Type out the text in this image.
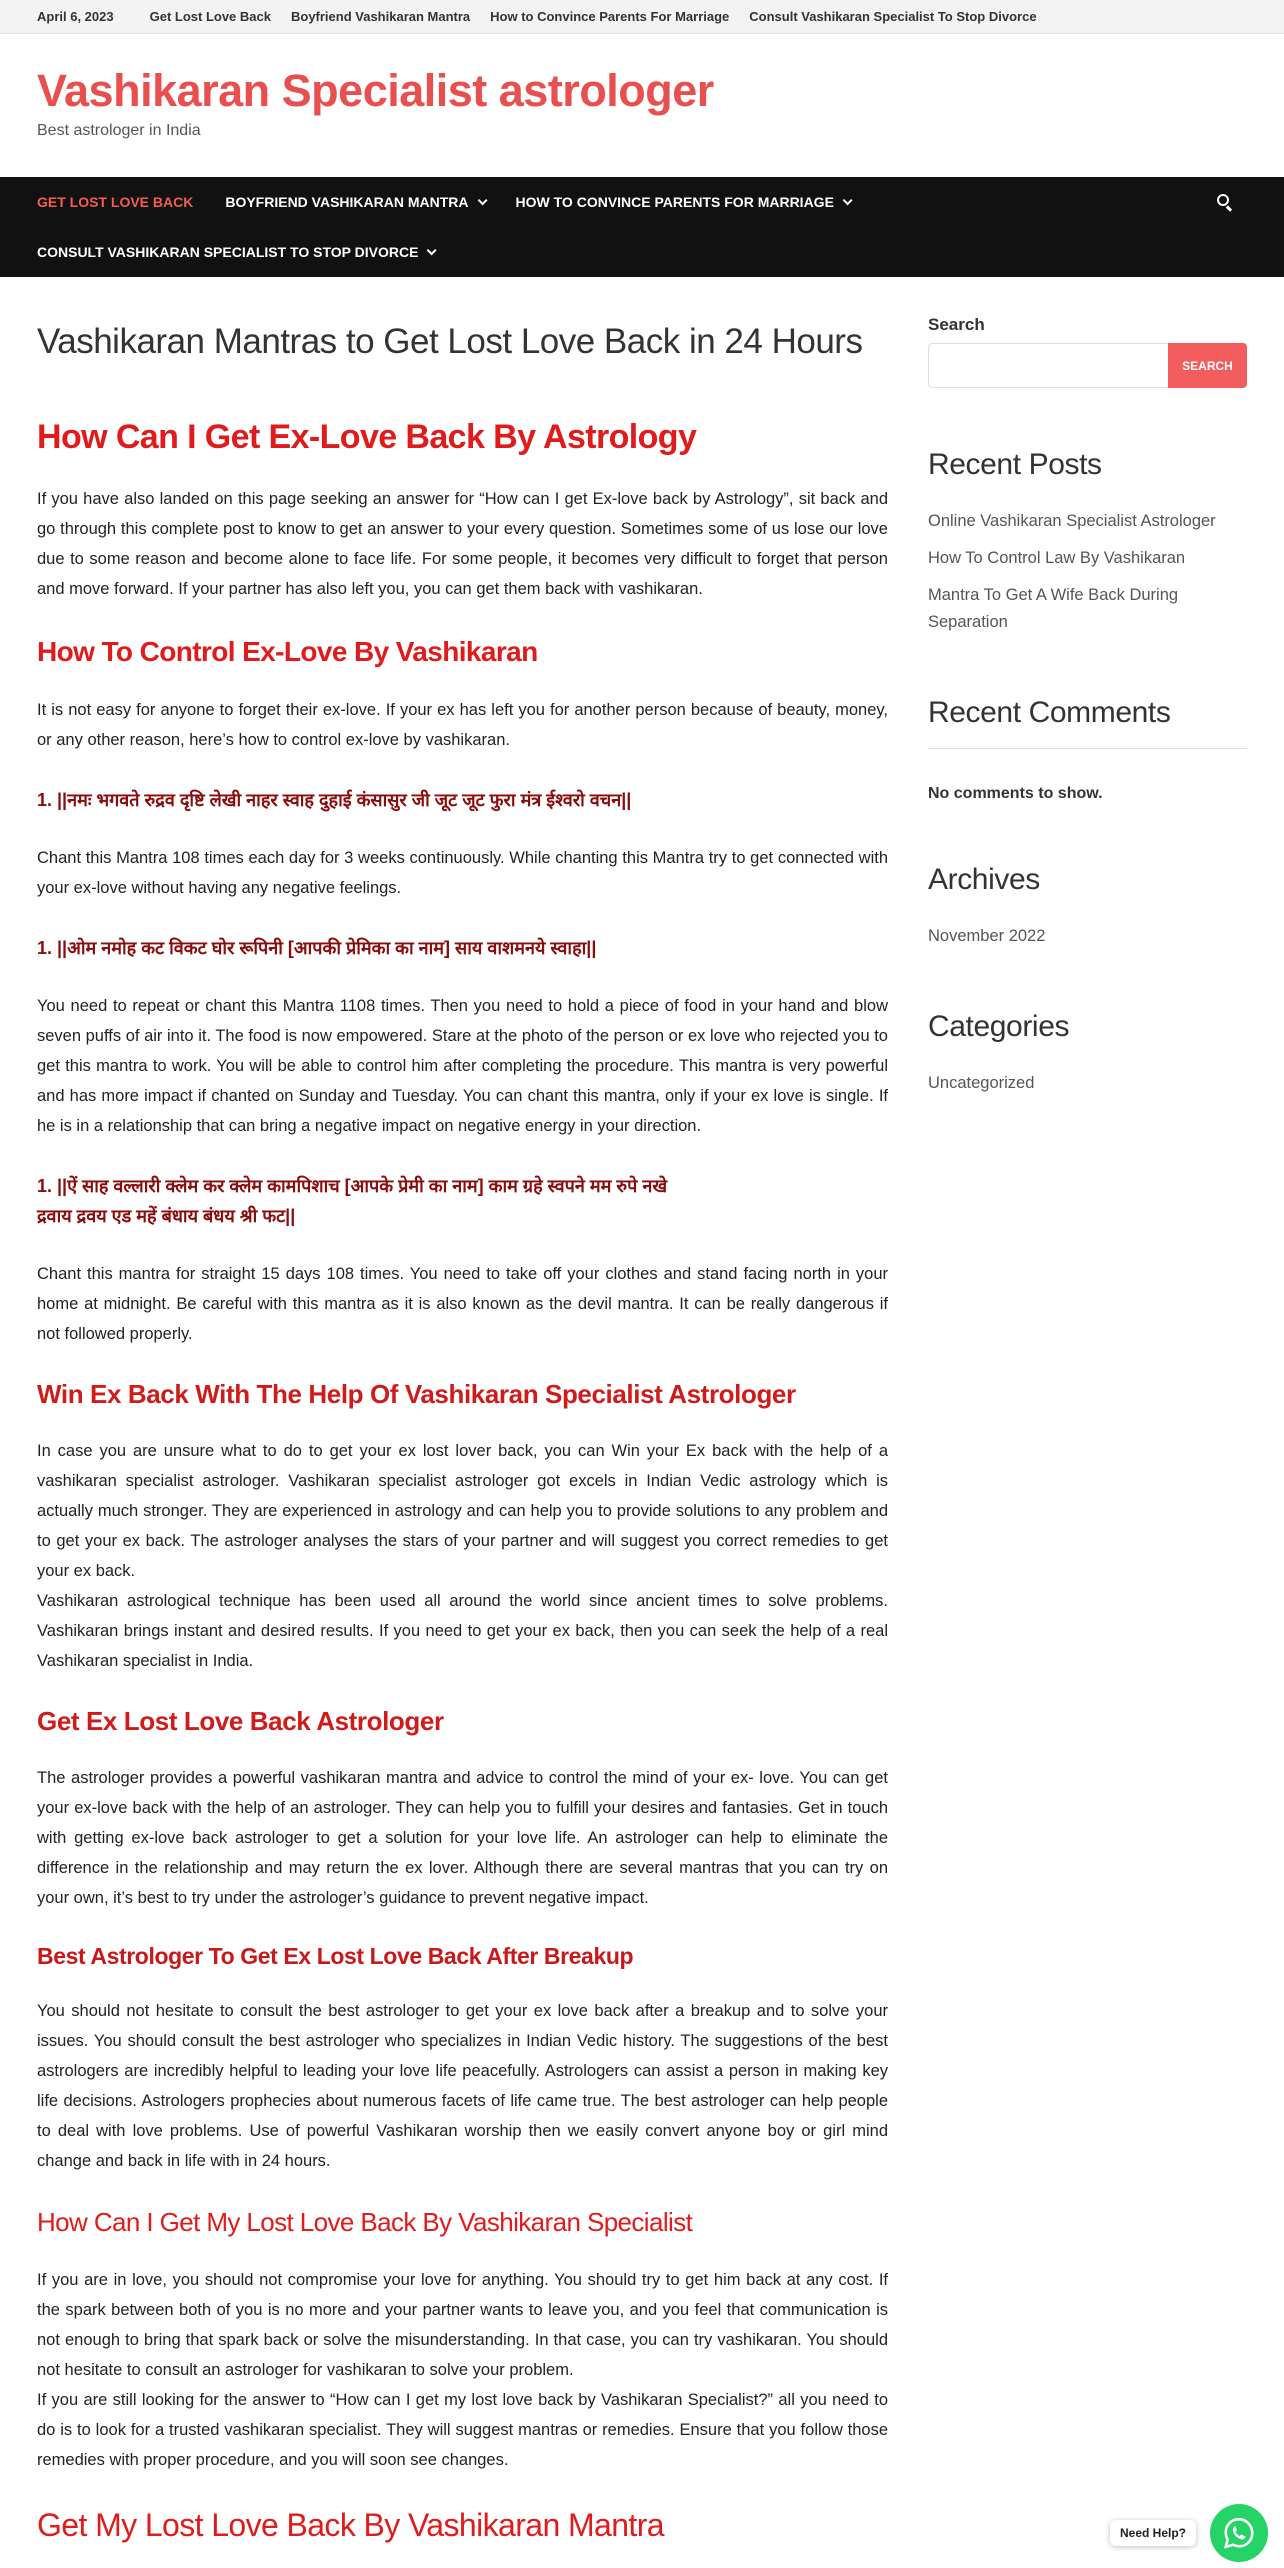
April 6, 2023	Get Lost Love Back Boyfriend Vashikaran Mantra How to Convince Parents For Marriage Consult Vashikaran Specialist To Stop Divorce
Vashikaran Specialist astrologer
Best astrologer in India
GET LOST LOVE BACK BOYFRIEND VASHIKARAN MANTRA	HOW TO CONVINCE PARENTS FOR MARRIAGE
CONSULT VASHIKARAN SPECIALIST TO STOP DIVORCE
Vashikaran Mantras to Get Lost Love Back in 24 Hours
How Can I Get Ex-Love Back By Astrology

If you have also landed on this page seeking an answer for “How can I get Ex-love back by Astrology”, sit back and go through this complete post to know to get an answer to your every question. Sometimes some of us lose our love due to some reason and become alone to face life. For some people, it becomes very difficult to forget that person and move forward. If your partner has also left you, you can get them back with vashikaran.

How To Control Ex-Love By Vashikaran

It is not easy for anyone to forget their ex-love. If your ex has left you for another person because of beauty, money, or any other reason, here’s how to control ex-love by vashikaran.

1. ||नमः भगवते रुद्रव दृष्टि लेखी नाहर स्वाह दुहाई कंसासुर जी जूट जूट फुरा मंत्र ईश्वरो वचन||

Chant this Mantra 108 times each day for 3 weeks continuously. While chanting this Mantra try to get connected with your ex-love without having any negative feelings.

1. ||ओम नमोह कट विकट घोर रूपिनी [आपकी प्रेमिका का नाम] साय वाशमनये स्वाहा||

You need to repeat or chant this Mantra 1108 times. Then you need to hold a piece of food in your hand and blow seven puffs of air into it. The food is now empowered. Stare at the photo of the person or ex love who rejected you to get this mantra to work. You will be able to control him after completing the procedure. This mantra is very powerful and has more impact if chanted on Sunday and Tuesday. You can chant this mantra, only if your ex love is single. If he is in a relationship that can bring a negative impact on negative energy in your direction.

1. ||ऐं साह वल्लारी क्लेम कर क्लेम कामपिशाच [आपके प्रेमी का नाम] काम ग्रहे स्वपने मम रुपे नखे
द्रवाय द्रवय एड महें बंधाय बंधय श्री फट||

Chant this mantra for straight 15 days 108 times. You need to take off your clothes and stand facing north in your home at midnight. Be careful with this mantra as it is also known as the devil mantra. It can be really dangerous if not followed properly.

Win Ex Back With The Help Of Vashikaran Specialist Astrologer

In case you are unsure what to do to get your ex lost lover back, you can Win your Ex back with the help of a vashikaran specialist astrologer. Vashikaran specialist astrologer got excels in Indian Vedic astrology which is actually much stronger. They are experienced in astrology and can help you to provide solutions to any problem and to get your ex back. The astrologer analyses the stars of your partner and will suggest you correct remedies to get your ex back.

Vashikaran astrological technique has been used all around the world since ancient times to solve problems. Vashikaran brings instant and desired results. If you need to get your ex back, then you can seek the help of a real Vashikaran specialist in India.

Get Ex Lost Love Back Astrologer

The astrologer provides a powerful vashikaran mantra and advice to control the mind of your ex- love. You can get your ex-love back with the help of an astrologer. They can help you to fulfill your desires and fantasies. Get in touch with getting ex-love back astrologer to get a solution for your love life. An astrologer can help to eliminate the difference in the relationship and may return the ex lover. Although there are several mantras that you can try on your own, it’s best to try under the astrologer’s guidance to prevent negative impact.

Best Astrologer To Get Ex Lost Love Back After Breakup

You should not hesitate to consult the best astrologer to get your ex love back after a breakup and to solve your issues. You should consult the best astrologer who specializes in Indian Vedic history. The suggestions of the best astrologers are incredibly helpful to leading your love life peacefully. Astrologers can assist a person in making key life decisions. Astrologers prophecies about numerous facets of life came true. The best astrologer can help people to deal with love problems. Use of powerful Vashikaran worship then we easily convert anyone boy or girl mind change and back in life with in 24 hours.

How Can I Get My Lost Love Back By Vashikaran Specialist

If you are in love, you should not compromise your love for anything. You should try to get him back at any cost. If the spark between both of you is no more and your partner wants to leave you, and you feel that communication is not enough to bring that spark back or solve the misunderstanding. In that case, you can try vashikaran. You should not hesitate to consult an astrologer for vashikaran to solve your problem.

If you are still looking for the answer to “How can I get my lost love back by Vashikaran Specialist?” all you need to do is to look for a trusted vashikaran specialist. They will suggest mantras or remedies. Ensure that you follow those remedies with proper procedure, and you will soon see changes.

Get My Lost Love Back By Vashikaran Mantra
Search
SEARCH
Recent Posts
Online Vashikaran Specialist Astrologer
How To Control Law By Vashikaran
Mantra To Get A Wife Back During Separation
Recent Comments
No comments to show.
Archives
November 2022
Categories
Uncategorized
Need Help?
